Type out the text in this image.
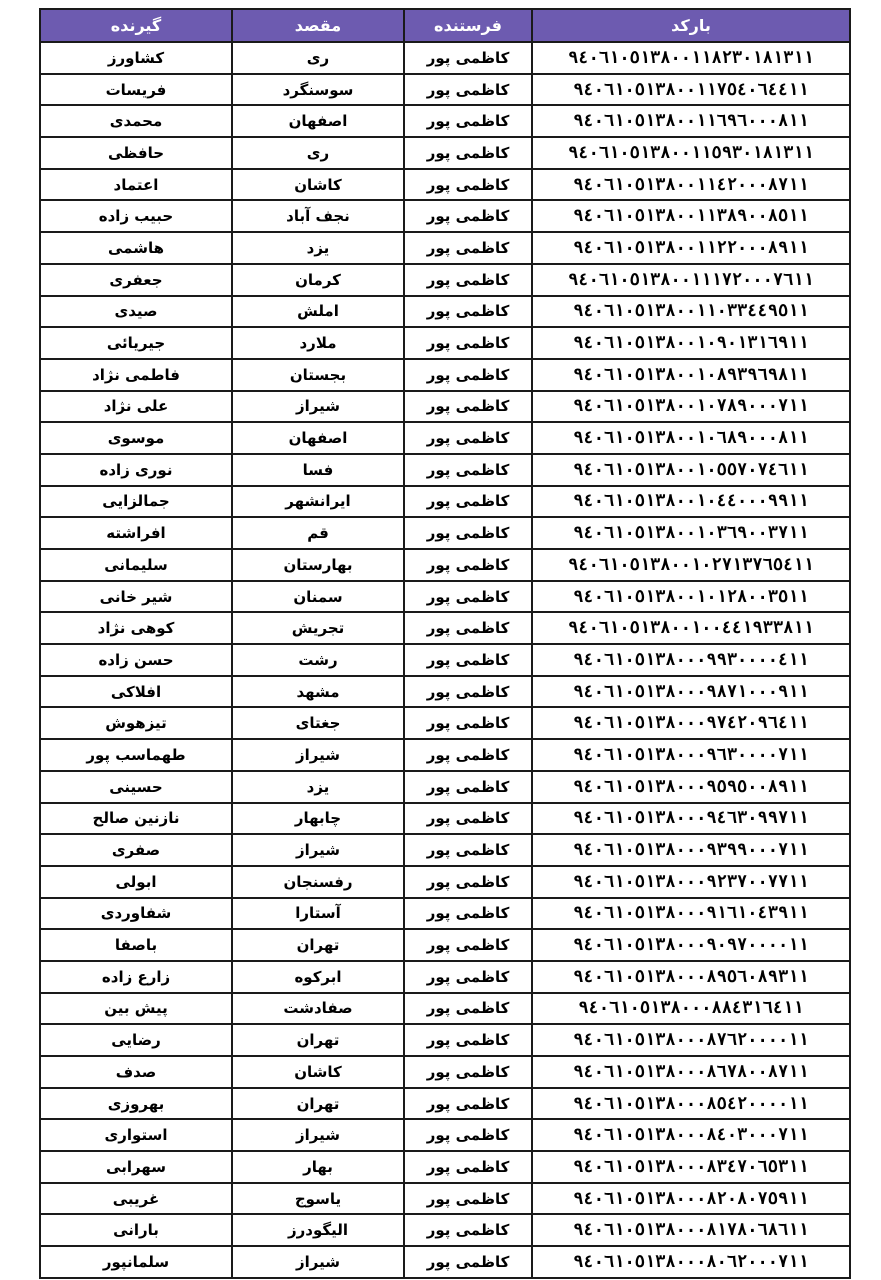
بارکد	فرستنده	مقصد	گیرنده
۹٤۰٦۱۰٥۱۳۸۰۰۱۱۸۲۳۰۱۸۱۳۱۱	کاظمی پور	ری	کشاورز
۹٤۰٦۱۰٥۱۳۸۰۰۱۱۷٥٤۰٦٤٤۱۱	کاظمی پور	سوسنگرد	فریسات
۹٤۰٦۱۰٥۱۳۸۰۰۱۱٦۹٦۰۰۰۸۱۱	کاظمی پور	اصفهان	محمدی
۹٤۰٦۱۰٥۱۳۸۰۰۱۱٥۹۳۰۱۸۱۳۱۱	کاظمی پور	ری	حافظی
۹٤۰٦۱۰٥۱۳۸۰۰۱۱٤۲۰۰۰۸۷۱۱	کاظمی پور	کاشان	اعتماد
۹٤۰٦۱۰٥۱۳۸۰۰۱۱۳۸۹۰۰۸٥۱۱	کاظمی پور	نجف آباد	حبیب زاده
۹٤۰٦۱۰٥۱۳۸۰۰۱۱۲۲۰۰۰۸۹۱۱	کاظمی پور	یزد	هاشمی
۹٤۰٦۱۰٥۱۳۸۰۰۱۱۱۷۲۰۰۰۷٦۱۱	کاظمی پور	کرمان	جعفری
۹٤۰٦۱۰٥۱۳۸۰۰۱۱۰۳۳٤٤۹٥۱۱	کاظمی پور	املش	صیدی
۹٤۰٦۱۰٥۱۳۸۰۰۱۰۹۰۱۳۱٦۹۱۱	کاظمی پور	ملارد	جیریائی
۹٤۰٦۱۰٥۱۳۸۰۰۱۰۸۹۳۹٦۹۸۱۱	کاظمی پور	بجستان	فاطمی نژاد
۹٤۰٦۱۰٥۱۳۸۰۰۱۰۷۸۹۰۰۰۷۱۱	کاظمی پور	شیراز	علی نژاد
۹٤۰٦۱۰٥۱۳۸۰۰۱۰٦۸۹۰۰۰۸۱۱	کاظمی پور	اصفهان	موسوی
۹٤۰٦۱۰٥۱۳۸۰۰۱۰٥٥۷۰۷٤٦۱۱	کاظمی پور	فسا	نوری زاده
۹٤۰٦۱۰٥۱۳۸۰۰۱۰٤٤۰۰۰۹۹۱۱	کاظمی پور	ایرانشهر	جمالزایی
۹٤۰٦۱۰٥۱۳۸۰۰۱۰۳٦۹۰۰۳۷۱۱	کاظمی پور	قم	افراشته
۹٤۰٦۱۰٥۱۳۸۰۰۱۰۲۷۱۳۷٦٥٤۱۱	کاظمی پور	بهارستان	سلیمانی
۹٤۰٦۱۰٥۱۳۸۰۰۱۰۱۲۸۰۰۳٥۱۱	کاظمی پور	سمنان	شیر خانی
۹٤۰٦۱۰٥۱۳۸۰۰۱۰۰٤٤۱۹۳۳۸۱۱	کاظمی پور	تجریش	کوهی نژاد
۹٤۰٦۱۰٥۱۳۸۰۰۰۹۹۳۰۰۰۰٤۱۱	کاظمی پور	رشت	حسن زاده
۹٤۰٦۱۰٥۱۳۸۰۰۰۹۸۷۱۰۰۰۹۱۱	کاظمی پور	مشهد	افلاکی
۹٤۰٦۱۰٥۱۳۸۰۰۰۹۷٤۲۰۹٦٤۱۱	کاظمی پور	جغتای	تیزهوش
۹٤۰٦۱۰٥۱۳۸۰۰۰۹٦۳۰۰۰۰۷۱۱	کاظمی پور	شیراز	طهماسب پور
۹٤۰٦۱۰٥۱۳۸۰۰۰۹٥۹٥۰۰۸۹۱۱	کاظمی پور	یزد	حسینی
۹٤۰٦۱۰٥۱۳۸۰۰۰۹٤٦۳۰۹۹۷۱۱	کاظمی پور	چابهار	نازنین صالح
۹٤۰٦۱۰٥۱۳۸۰۰۰۹۳۹۹۰۰۰۷۱۱	کاظمی پور	شیراز	صفری
۹٤۰٦۱۰٥۱۳۸۰۰۰۹۲۳۷۰۰۷۷۱۱	کاظمی پور	رفسنجان	ابولی
۹٤۰٦۱۰٥۱۳۸۰۰۰۹۱٦۱۰٤۳۹۱۱	کاظمی پور	آستارا	شفاوردی
۹٤۰٦۱۰٥۱۳۸۰۰۰۹۰۹۷۰۰۰۰۱۱	کاظمی پور	تهران	باصفا
۹٤۰٦۱۰٥۱۳۸۰۰۰۸۹٥٦۰۸۹۳۱۱	کاظمی پور	ابرکوه	زارع زاده
۹٤۰٦۱۰٥۱۳۸۰۰۰۸۸٤۳۱٦٤۱۱	کاظمی پور	صفادشت	پیش بین
۹٤۰٦۱۰٥۱۳۸۰۰۰۸۷٦۲۰۰۰۰۱۱	کاظمی پور	تهران	رضایی
۹٤۰٦۱۰٥۱۳۸۰۰۰۸٦۷۸۰۰۸۷۱۱	کاظمی پور	کاشان	صدف
۹٤۰٦۱۰٥۱۳۸۰۰۰۸٥٤۲۰۰۰۰۱۱	کاظمی پور	تهران	بهروزی
۹٤۰٦۱۰٥۱۳۸۰۰۰۸٤۰۳۰۰۰۷۱۱	کاظمی پور	شیراز	استواری
۹٤۰٦۱۰٥۱۳۸۰۰۰۸۳٤۷۰٦٥۳۱۱	کاظمی پور	بهار	سهرابی
۹٤۰٦۱۰٥۱۳۸۰۰۰۸۲۰۸۰۷٥۹۱۱	کاظمی پور	یاسوج	غریبی
۹٤۰٦۱۰٥۱۳۸۰۰۰۸۱۷۸۰٦۸٦۱۱	کاظمی پور	الیگودرز	بارانی
۹٤۰٦۱۰٥۱۳۸۰۰۰۸۰٦۲۰۰۰۷۱۱	کاظمی پور	شیراز	سلمانپور
